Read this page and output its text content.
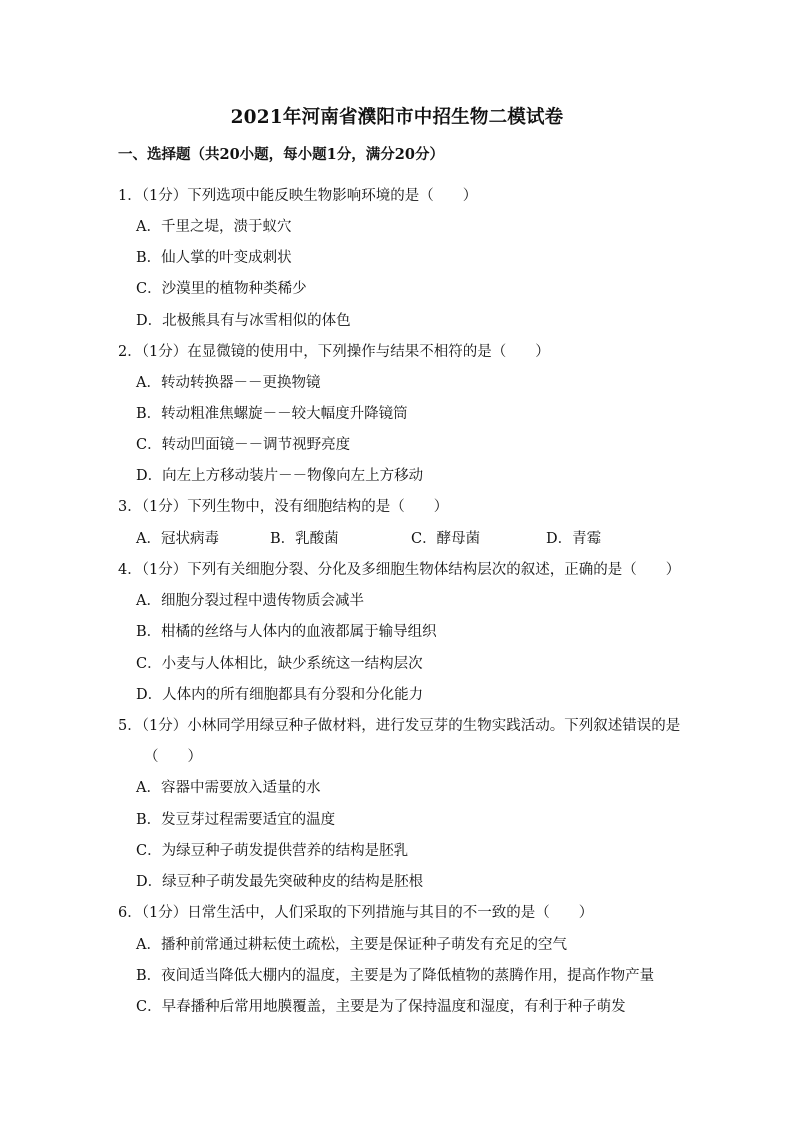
2021年河南省濮阳市中招生物二模试卷
一、选择题（共20小题，每小题1分，满分20分）
1．（1分）下列选项中能反映生物影响环境的是（　　）
A．千里之堤，溃于蚁穴
B．仙人掌的叶变成刺状
C．沙漠里的植物种类稀少
D．北极熊具有与冰雪相似的体色
2．（1分）在显微镜的使用中，下列操作与结果不相符的是（　　）
A．转动转换器－－更换物镜
B．转动粗准焦螺旋－－较大幅度升降镜筒
C．转动凹面镜－－调节视野亮度
D．向左上方移动装片－－物像向左上方移动
3．（1分）下列生物中，没有细胞结构的是（　　）
A．冠状病毒	B．乳酸菌	C．酵母菌	D．青霉
4．（1分）下列有关细胞分裂、分化及多细胞生物体结构层次的叙述，正确的是（　　）
A．细胞分裂过程中遗传物质会减半
B．柑橘的丝络与人体内的血液都属于输导组织
C．小麦与人体相比，缺少系统这一结构层次
D．人体内的所有细胞都具有分裂和分化能力
5．（1分）小林同学用绿豆种子做材料，进行发豆芽的生物实践活动。下列叙述错误的是
（　　）
A．容器中需要放入适量的水
B．发豆芽过程需要适宜的温度
C．为绿豆种子萌发提供营养的结构是胚乳
D．绿豆种子萌发最先突破种皮的结构是胚根
6．（1分）日常生活中，人们采取的下列措施与其目的不一致的是（　　）
A．播种前常通过耕耘使土疏松，主要是保证种子萌发有充足的空气
B．夜间适当降低大棚内的温度，主要是为了降低植物的蒸腾作用，提高作物产量
C．早春播种后常用地膜覆盖，主要是为了保持温度和湿度，有利于种子萌发
